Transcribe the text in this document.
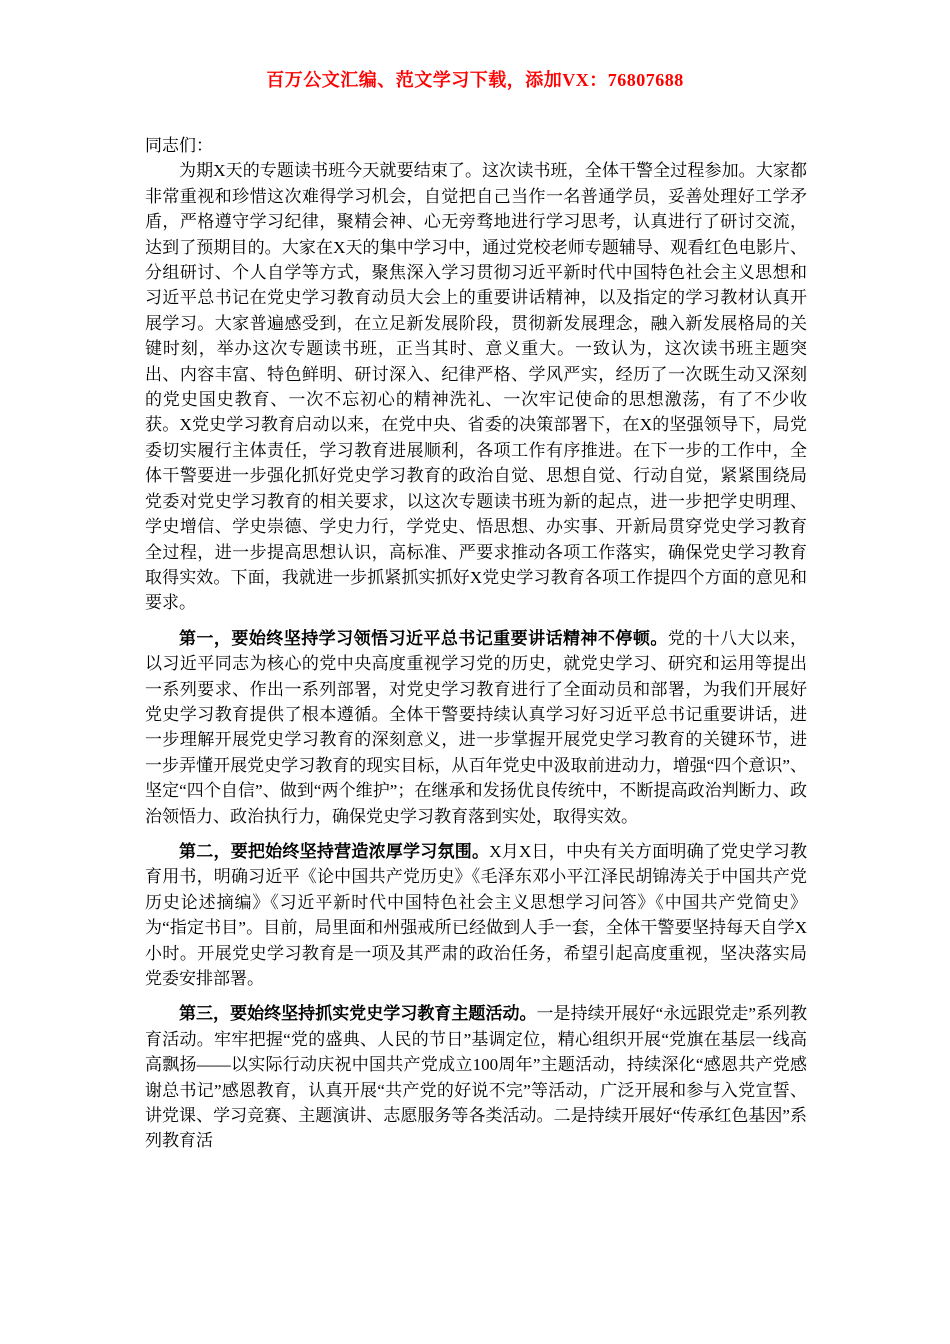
百万公文汇编、范文学习下载，添加VX：76807688

同志们：

为期X天的专题读书班今天就要结束了。这次读书班，全体干警全过程参加。大家都非常重视和珍惜这次难得学习机会，自觉把自己当作一名普通学员，妥善处理好工学矛盾，严格遵守学习纪律，聚精会神、心无旁骛地进行学习思考，认真进行了研讨交流，达到了预期目的。大家在X天的集中学习中，通过党校老师专题辅导、观看红色电影片、分组研讨、个人自学等方式，聚焦深入学习贯彻习近平新时代中国特色社会主义思想和习近平总书记在党史学习教育动员大会上的重要讲话精神，以及指定的学习教材认真开展学习。大家普遍感受到，在立足新发展阶段，贯彻新发展理念，融入新发展格局的关键时刻，举办这次专题读书班，正当其时、意义重大。一致认为，这次读书班主题突出、内容丰富、特色鲜明、研讨深入、纪律严格、学风严实，经历了一次既生动又深刻的党史国史教育、一次不忘初心的精神洗礼、一次牢记使命的思想激荡，有了不少收获。X党史学习教育启动以来，在党中央、省委的决策部署下，在X的坚强领导下，局党委切实履行主体责任，学习教育进展顺利，各项工作有序推进。在下一步的工作中，全体干警要进一步强化抓好党史学习教育的政治自觉、思想自觉、行动自觉，紧紧围绕局党委对党史学习教育的相关要求，以这次专题读书班为新的起点，进一步把学史明理、学史增信、学史崇德、学史力行，学党史、悟思想、办实事、开新局贯穿党史学习教育全过程，进一步提高思想认识，高标准、严要求推动各项工作落实，确保党史学习教育取得实效。下面，我就进一步抓紧抓实抓好X党史学习教育各项工作提四个方面的意见和要求。

第一，要始终坚持学习领悟习近平总书记重要讲话精神不停顿。党的十八大以来，以习近平同志为核心的党中央高度重视学习党的历史，就党史学习、研究和运用等提出一系列要求、作出一系列部署，对党史学习教育进行了全面动员和部署，为我们开展好党史学习教育提供了根本遵循。全体干警要持续认真学习好习近平总书记重要讲话，进一步理解开展党史学习教育的深刻意义，进一步掌握开展党史学习教育的关键环节，进一步弄懂开展党史学习教育的现实目标，从百年党史中汲取前进动力，增强“四个意识”、坚定“四个自信”、做到“两个维护”；在继承和发扬优良传统中，不断提高政治判断力、政治领悟力、政治执行力，确保党史学习教育落到实处，取得实效。

第二，要把始终坚持营造浓厚学习氛围。X月X日，中央有关方面明确了党史学习教育用书，明确习近平《论中国共产党历史》《毛泽东邓小平江泽民胡锦涛关于中国共产党历史论述摘编》《习近平新时代中国特色社会主义思想学习问答》《中国共产党简史》为“指定书目”。目前，局里面和州强戒所已经做到人手一套，全体干警要坚持每天自学X小时。开展党史学习教育是一项及其严肃的政治任务，希望引起高度重视，坚决落实局党委安排部署。

第三，要始终坚持抓实党史学习教育主题活动。一是持续开展好“永远跟党走”系列教育活动。牢牢把握“党的盛典、人民的节日”基调定位，精心组织开展“党旗在基层一线高高飘扬——以实际行动庆祝中国共产党成立100周年”主题活动，持续深化“感恩共产党感谢总书记”感恩教育，认真开展“共产党的好说不完”等活动，广泛开展和参与入党宣誓、讲党课、学习竞赛、主题演讲、志愿服务等各类活动。二是持续开展好“传承红色基因”系列教育活
